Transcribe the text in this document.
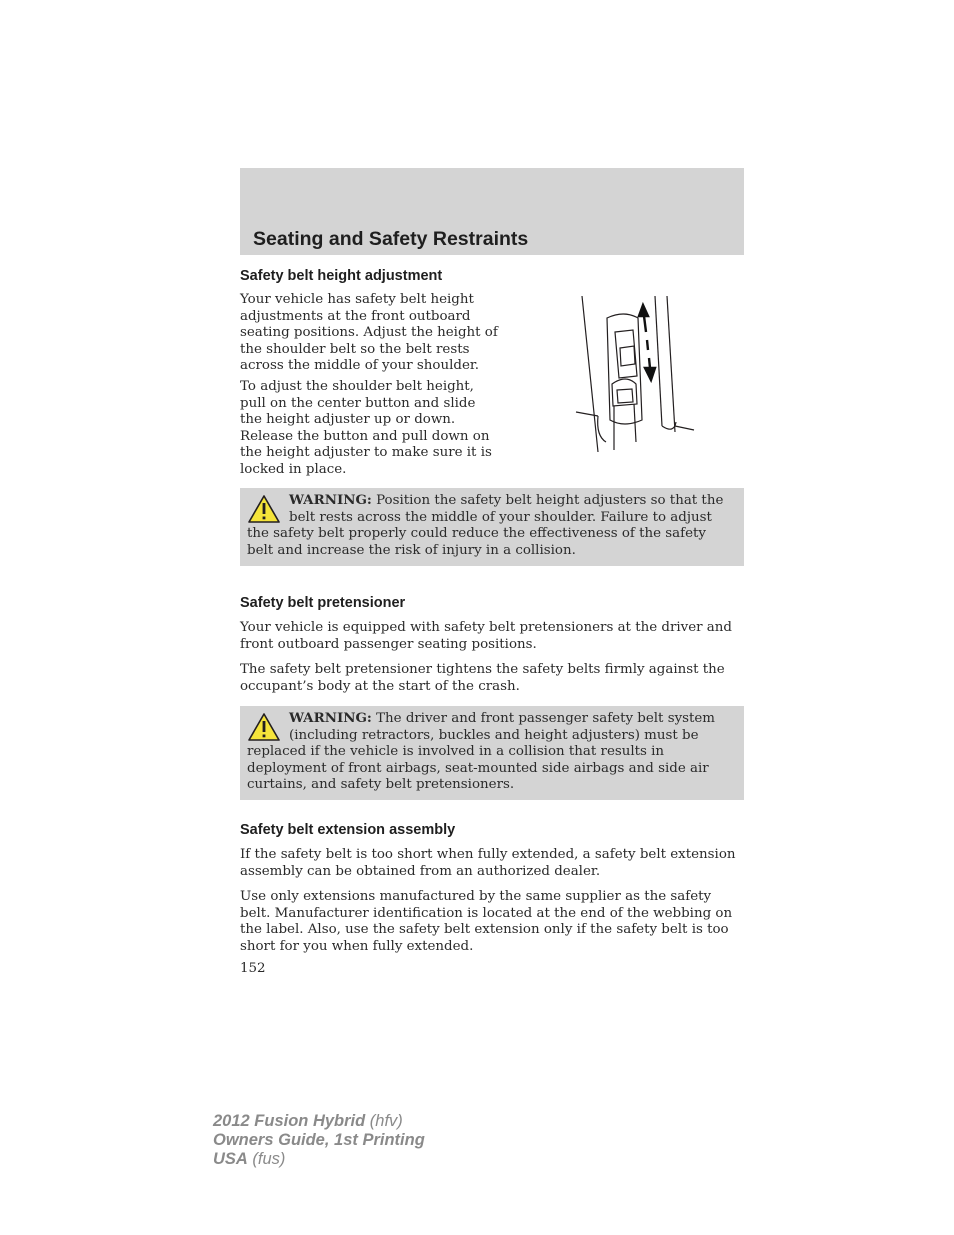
Seating and Safety Restraints
Safety belt height adjustment

Your vehicle has safety belt height adjustments at the front outboard seating positions. Adjust the height of the shoulder belt so the belt rests across the middle of your shoulder.

To adjust the shoulder belt height, pull on the center button and slide the height adjuster up or down. Release the button and pull down on the height adjuster to make sure it is locked in place.

WARNING: Position the safety belt height adjusters so that the belt rests across the middle of your shoulder. Failure to adjust the safety belt properly could reduce the effectiveness of the safety belt and increase the risk of injury in a collision.

Safety belt pretensioner

Your vehicle is equipped with safety belt pretensioners at the driver and front outboard passenger seating positions.

The safety belt pretensioner tightens the safety belts firmly against the occupant’s body at the start of the crash.

WARNING: The driver and front passenger safety belt system (including retractors, buckles and height adjusters) must be replaced if the vehicle is involved in a collision that results in deployment of front airbags, seat-mounted side airbags and side air curtains, and safety belt pretensioners.

Safety belt extension assembly

If the safety belt is too short when fully extended, a safety belt extension assembly can be obtained from an authorized dealer.

Use only extensions manufactured by the same supplier as the safety belt. Manufacturer identification is located at the end of the webbing on the label. Also, use the safety belt extension only if the safety belt is too short for you when fully extended.

152

2012 Fusion Hybrid (hfv)
Owners Guide, 1st Printing
USA (fus)
